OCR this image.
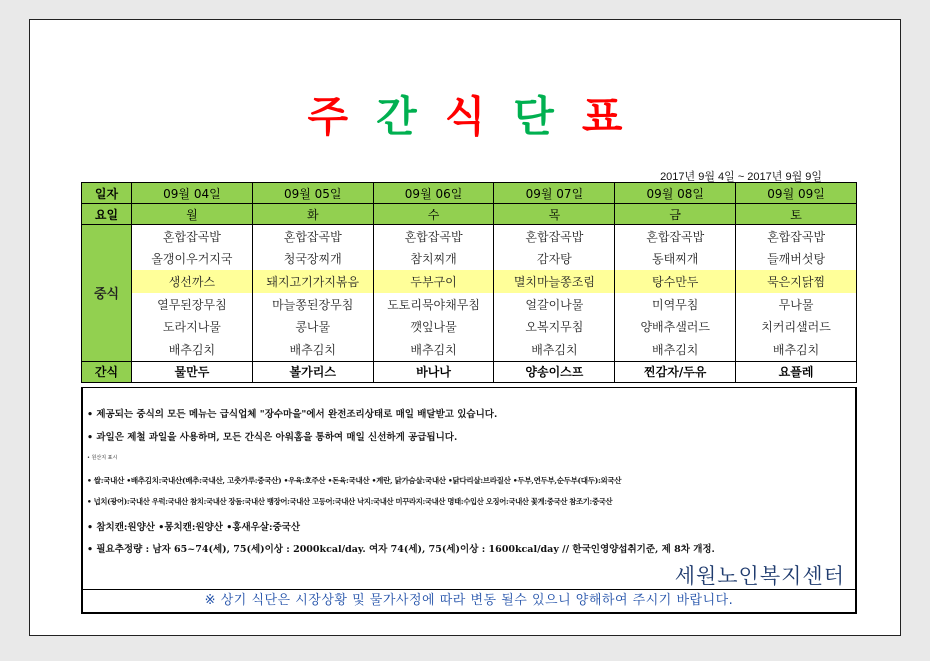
주간식단표
2017년 9월 4일 ~ 2017년 9월 9일
일자	09월 04일	09월 05일	09월 06일	09월 07일	09월 08일	09월 09일
요일	월	화	수	목	금	토
중식	혼합잡곡밥	혼합잡곡밥	혼합잡곡밥	혼합잡곡밥	혼합잡곡밥	혼합잡곡밥
	올갱이우거지국	청국장찌개	참치찌개	감자탕	동태찌개	들깨버섯탕
	생선까스	돼지고기가지볶음	두부구이	멸치마늘쫑조림	탕수만두	묵은지닭찜
	열무된장무침	마늘쫑된장무침	도토리묵야채무침	얼갈이나물	미역무침	무나물
	도라지나물	콩나물	깻잎나물	오복지무침	양배추샐러드	치커리샐러드
	배추김치	배추김치	배추김치	배추김치	배추김치	배추김치
간식	물만두	볼가리스	바나나	양송이스프	찐감자/두유	요플레
• 제공되는 중식의 모든 메뉴는 급식업체 "장수마을"에서 완전조리상태로 매일 배달받고 있습니다.
• 과일은 제철 과일을 사용하며, 모든 간식은 아워홈을 통하여 매일 신선하게 공급됩니다.
• 원산지 표시
• 쌀:국내산 •배추김치:국내산(배추:국내산, 고춧가루:중국산) •우육:호주산 •돈육:국내산 •계란, 닭가슴살:국내산 •닭다리살:브라질산 •두부,연두부,순두부(대두):외국산
• 넙치(광어):국내산 우럭:국내산 참치:국내산 장돔:국내산 뱅장어:국내산 고등어:국내산 낙지:국내산 미꾸라지:국내산 명태:수입산 오징어:국내산 꽃게:중국산 참조기:중국산
• 참치캔:원양산 •몽치캔:원양산 •홍새우살:중국산
• 필요추정량 : 남자 65~74(세), 75(세)이상 : 2000kcal/day. 여자 74(세), 75(세)이상 : 1600kcal/day // 한국인영양섭취기준, 제 8차 개정.
세원노인복지센터
※ 상기 식단은 시장상황 및 물가사정에 따라 변동 될수 있으니 양해하여 주시기 바랍니다.
